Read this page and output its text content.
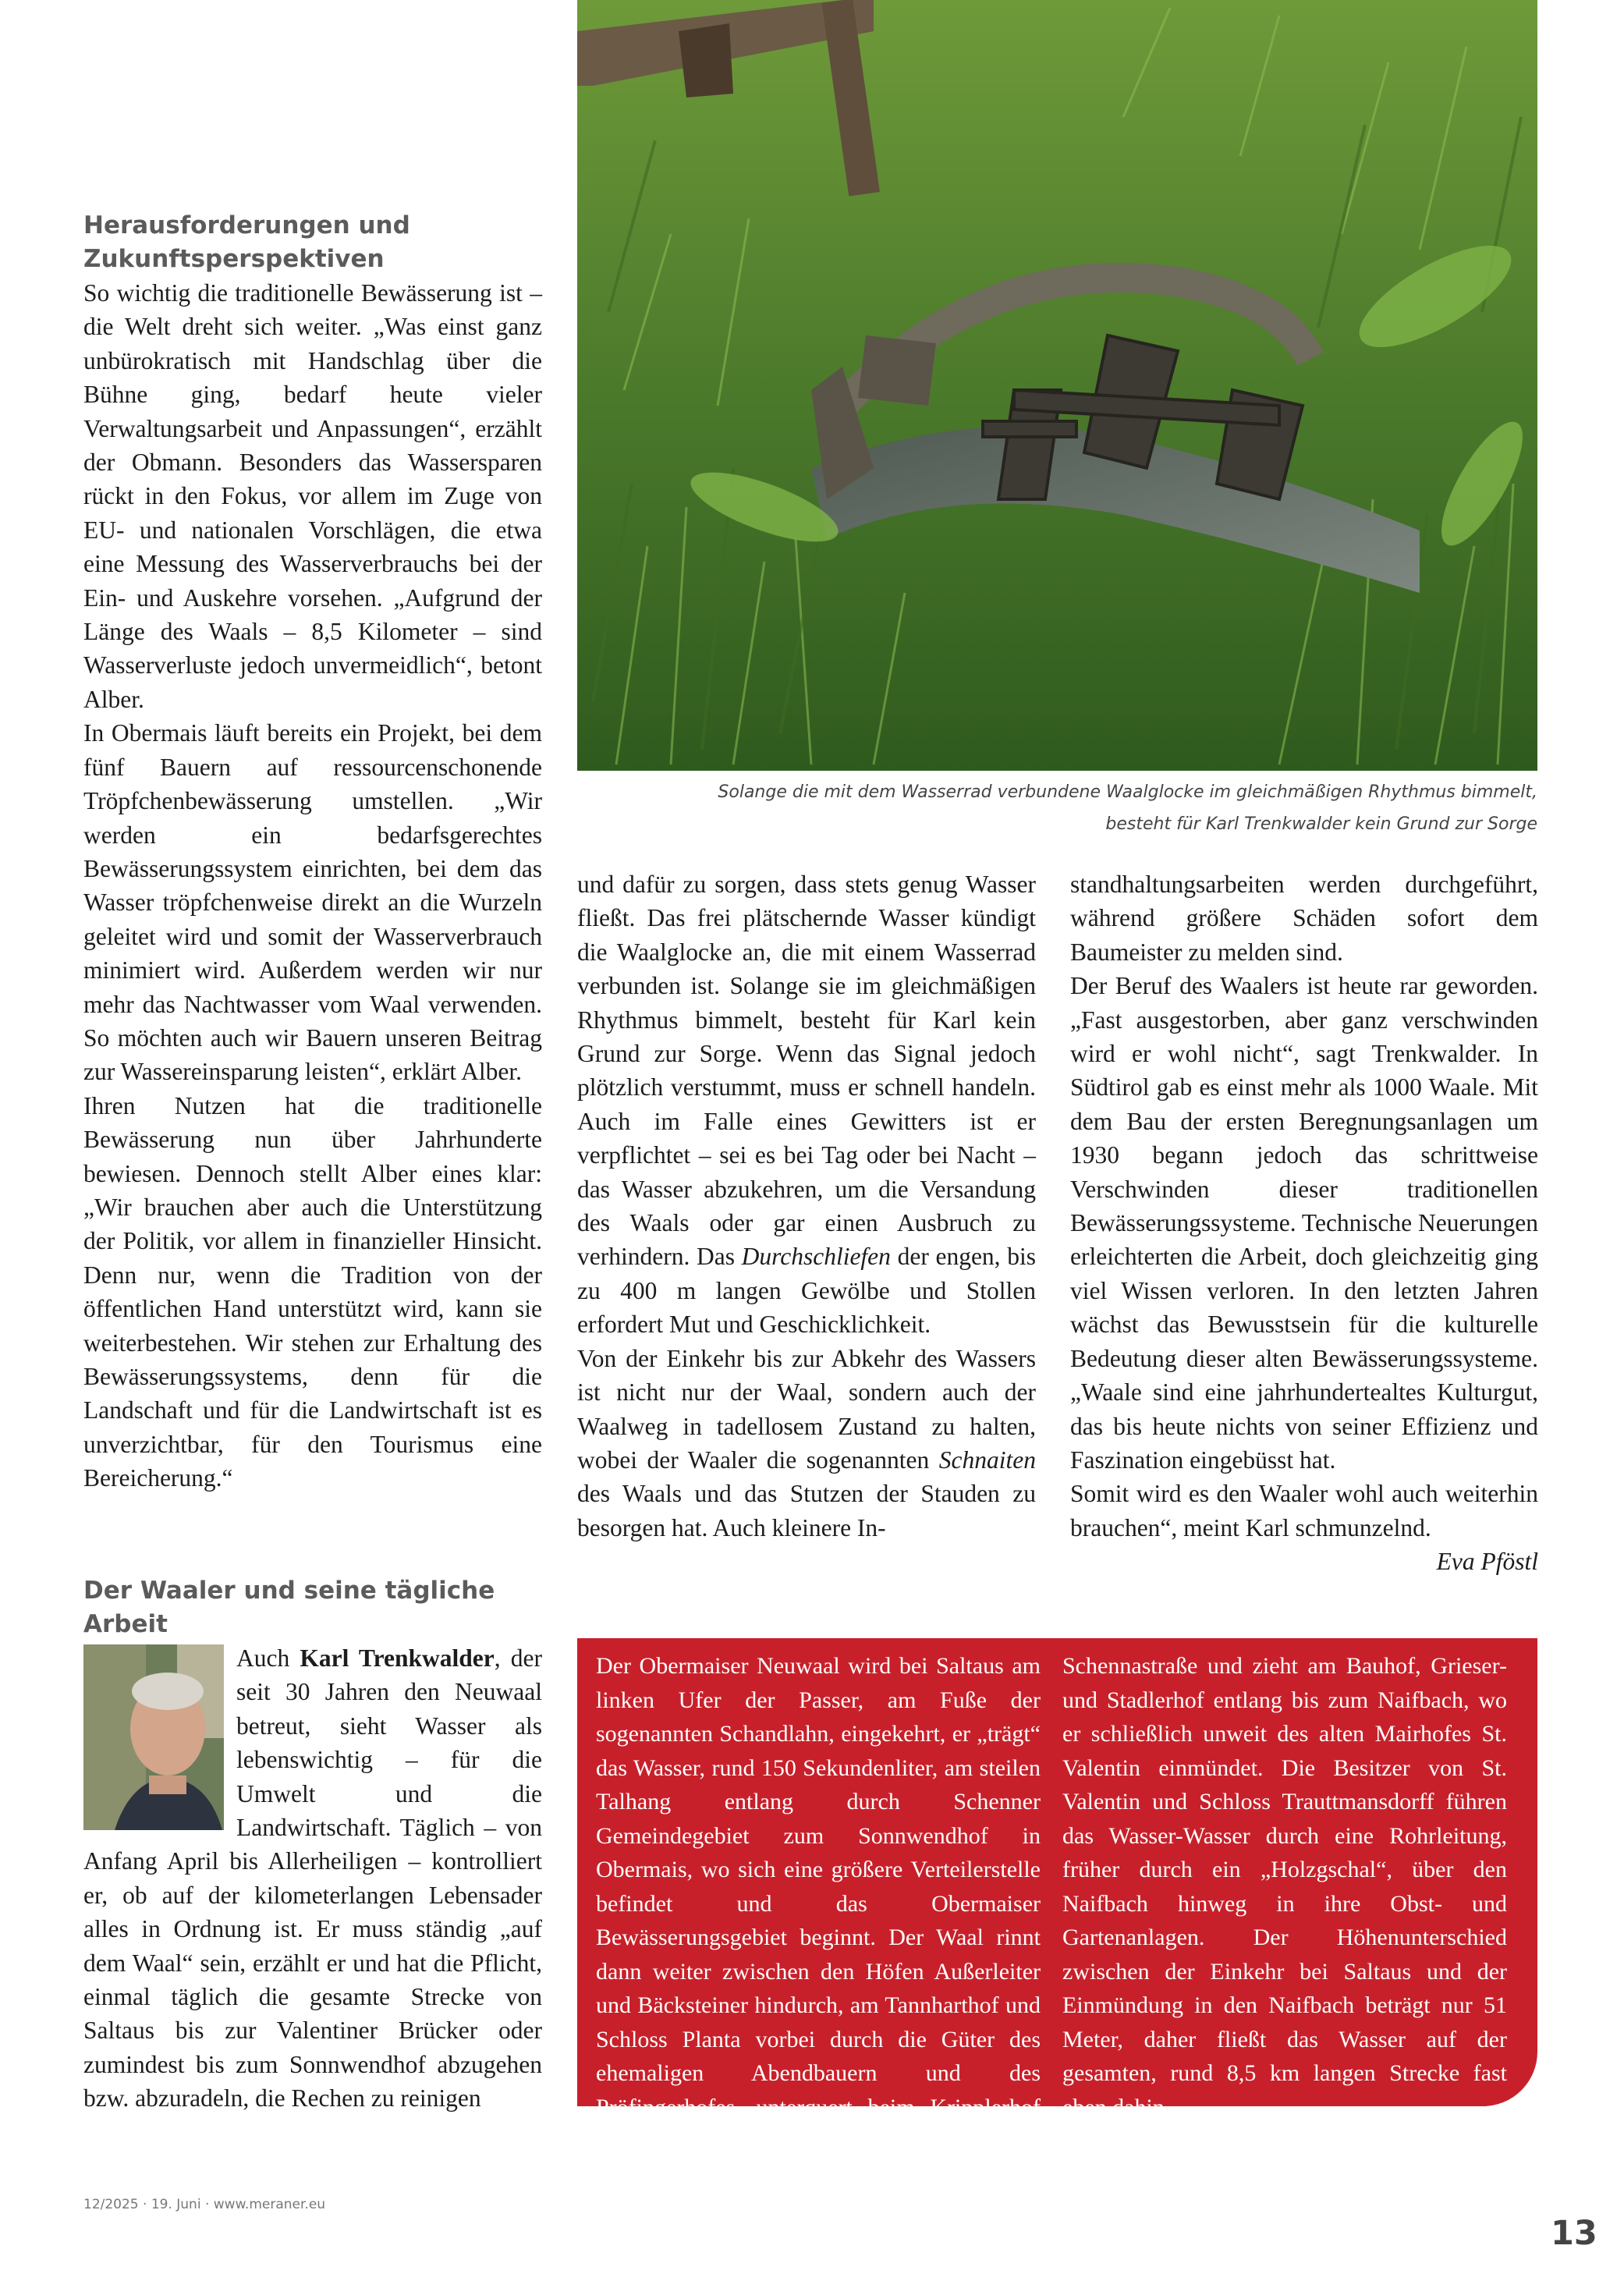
Solange die mit dem Wasserrad verbundene Waalglocke im gleichmäßigen Rhythmus bimmelt,
besteht für Karl Trenkwalder kein Grund zur Sorge
Herausforderungen und
Zukunftsperspektiven

So wichtig die traditionelle Bewässerung ist – die Welt dreht sich weiter. „Was einst ganz unbürokratisch mit Handschlag über die Bühne ging, bedarf heute vieler Verwaltungsarbeit und Anpassungen“, erzählt der Obmann. Besonders das Wassersparen rückt in den Fokus, vor allem im Zuge von EU- und nationalen Vorschlägen, die etwa eine Messung des Wasserverbrauchs bei der Ein- und Auskehre vorsehen. „Aufgrund der Länge des Waals – 8,5 Kilometer – sind Wasserverluste jedoch unvermeidlich“, betont Alber.

In Obermais läuft bereits ein Projekt, bei dem fünf Bauern auf ressourcenschonende Tröpfchenbewässerung umstellen. „Wir werden ein bedarfsgerechtes Bewässerungssystem einrichten, bei dem das Wasser tröpfchenweise direkt an die Wurzeln geleitet wird und somit der Wasserverbrauch minimiert wird. Außerdem werden wir nur mehr das Nachtwasser vom Waal verwenden. So möchten auch wir Bauern unseren Beitrag zur Wassereinsparung leisten“, erklärt Alber.

Ihren Nutzen hat die traditionelle Bewässerung nun über Jahrhunderte bewiesen. Dennoch stellt Alber eines klar: „Wir brauchen aber auch die Unterstützung der Politik, vor allem in finanzieller Hinsicht. Denn nur, wenn die Tradition von der öffentlichen Hand unterstützt wird, kann sie weiterbestehen. Wir stehen zur Erhaltung des Bewässerungssystems, denn für die Landschaft und für die Landwirtschaft ist es unverzichtbar, für den Tourismus eine Bereicherung.“

Der Waaler und seine tägliche
Arbeit

Auch Karl Trenkwalder, der seit 30 Jahren den Neuwaal betreut, sieht Wasser als lebenswichtig – für die Umwelt und die Landwirtschaft. Täglich – von Anfang April bis Allerheiligen – kontrolliert er, ob auf der kilometerlangen Lebensader alles in Ordnung ist. Er muss ständig „auf dem Waal“ sein, erzählt er und hat die Pflicht, einmal täglich die gesamte Strecke von Saltaus bis zur Valentiner Brücker oder zumindest bis zum Sonnwendhof abzugehen bzw. abzuradeln, die Rechen zu reinigen

und dafür zu sorgen, dass stets genug Wasser fließt. Das frei plätschernde Wasser kündigt die Waalglocke an, die mit einem Wasserrad verbunden ist. Solange sie im gleichmäßigen Rhythmus bimmelt, besteht für Karl kein Grund zur Sorge. Wenn das Signal jedoch plötzlich verstummt, muss er schnell handeln. Auch im Falle eines Gewitters ist er verpflichtet – sei es bei Tag oder bei Nacht – das Wasser abzukehren, um die Versandung des Waals oder gar einen Ausbruch zu verhindern. Das Durchschliefen der engen, bis zu 400 m langen Gewölbe und Stollen erfordert Mut und Geschicklichkeit.

Von der Einkehr bis zur Abkehr des Wassers ist nicht nur der Waal, sondern auch der Waalweg in tadellosem Zustand zu halten, wobei der Waaler die sogenannten Schnaiten des Waals und das Stutzen der Stauden zu besorgen hat. Auch kleinere In-

standhaltungsarbeiten werden durchgeführt, während größere Schäden sofort dem Baumeister zu melden sind.

Der Beruf des Waalers ist heute rar geworden. „Fast ausgestorben, aber ganz verschwinden wird er wohl nicht“, sagt Trenkwalder. In Südtirol gab es einst mehr als 1000 Waale. Mit dem Bau der ersten Beregnungsanlagen um 1930 begann jedoch das schrittweise Verschwinden dieser traditionellen Bewässerungssysteme. Technische Neuerungen erleichterten die Arbeit, doch gleichzeitig ging viel Wissen verloren. In den letzten Jahren wächst das Bewusstsein für die kulturelle Bedeutung dieser alten Bewässerungssysteme. „Waale sind eine jahrhundertealtes Kulturgut, das bis heute nichts von seiner Effizienz und Faszination eingebüsst hat.

Somit wird es den Waaler wohl auch weiterhin brauchen“, meint Karl schmunzelnd.

Eva Pföstl

Der Obermaiser Neuwaal wird bei Saltaus am linken Ufer der Passer, am Fuße der sogenannten Schandlahn, eingekehrt, er „trägt“ das Wasser, rund 150 Sekundenliter, am steilen Talhang entlang durch Schenner Gemeindegebiet zum Sonnwendhof in Obermais, wo sich eine größere Verteilerstelle befindet und das Obermaiser Bewässerungsgebiet beginnt. Der Waal rinnt dann weiter zwischen den Höfen Außerleiter und Bäcksteiner hindurch, am Tannharthof und Schloss Planta vorbei durch die Güter des ehemaligen Abendbauern und des Pröfingerhofes, unterquert beim Kripplerhof die
Schennastraße und zieht am Bauhof, Grieser- und Stadlerhof entlang bis zum Naifbach, wo er schließlich unweit des alten Mairhofes St. Valentin einmündet. Die Besitzer von St. Valentin und Schloss Trauttmansdorff führen das Wasser-Wasser durch eine Rohrleitung, früher durch ein „Holzgschal“, über den Naifbach hinweg in ihre Obst- und Gartenanlagen. Der Höhenunterschied zwischen der Einkehr bei Saltaus und der Einmündung in den Naifbach beträgt nur 51 Meter, daher fließt das Wasser auf der gesamten, rund 8,5 km langen Strecke fast eben dahin.
12/2025 · 19. Juni · www.meraner.eu
13
